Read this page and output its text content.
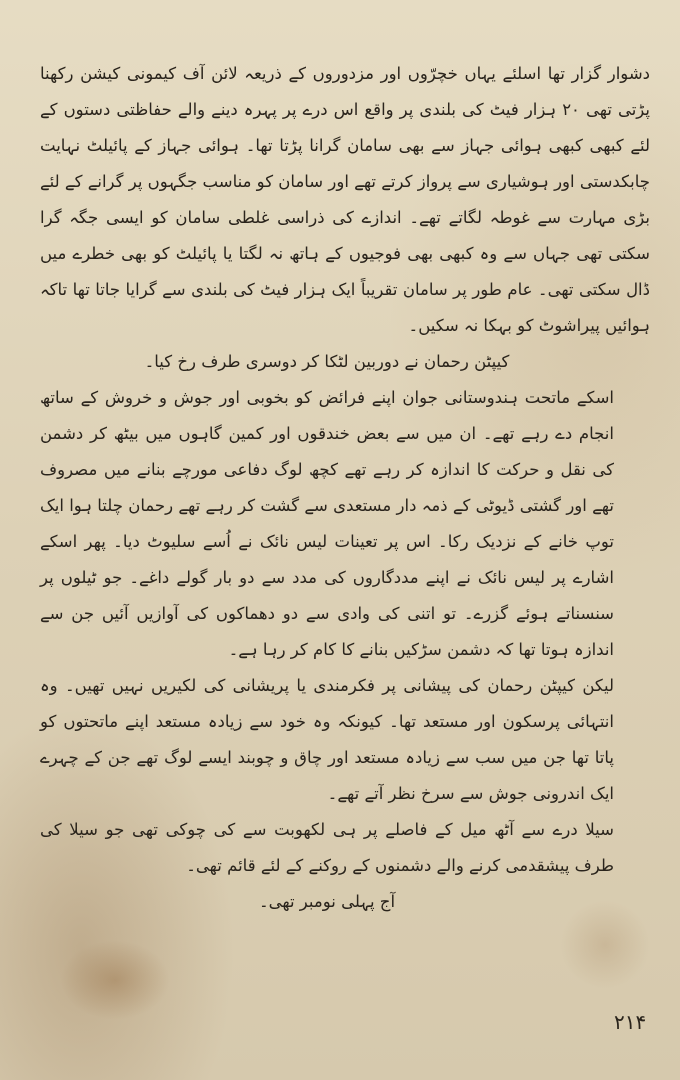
دشوار گزار تھا اسلئے یہاں خچرّوں اور مزدوروں کے ذریعہ لائن آف کیمونی کیشن رکھنا پڑتی تھی ۲۰ ہزار فیٹ کی بلندی پر واقع اس درے پر پہرہ دینے والے حفاظتی دستوں کے لئے کبھی کبھی ہوائی جہاز سے بھی سامان گرانا پڑتا تھا۔ ہوائی جہاز کے پائیلٹ نہایت چابکدستی اور ہوشیاری سے پرواز کرتے تھے اور سامان کو مناسب جگہوں پر گرانے کے لئے بڑی مہارت سے غوطہ لگاتے تھے۔ اندازے کی ذراسی غلطی سامان کو ایسی جگہ گرا سکتی تھی جہاں سے وہ کبھی بھی فوجیوں کے ہاتھ نہ لگتا یا پائیلٹ کو بھی خطرے میں ڈال سکتی تھی۔ عام طور پر سامان تقریباً ایک ہزار فیٹ کی بلندی سے گرایا جاتا تھا تاکہ ہوائیں پیراشوٹ کو بہکا نہ سکیں۔

کیپٹن رحمان نے دوربین لٹکا کر دوسری طرف رخ کیا۔

اسکے ماتحت ہندوستانی جوان اپنے فرائض کو بخوبی اور جوش و خروش کے ساتھ انجام دے رہے تھے۔ ان میں سے بعض خندقوں اور کمین گاہوں میں بیٹھ کر دشمن کی نقل و حرکت کا اندازہ کر رہے تھے کچھ لوگ دفاعی مورچے بنانے میں مصروف تھے اور گشتی ڈیوٹی کے ذمہ دار مستعدی سے گشت کر رہے تھے رحمان چلتا ہوا ایک توپ خانے کے نزدیک رکا۔ اس پر تعینات لیس نائک نے اُسے سلیوٹ دیا۔ پھر اسکے اشارے پر لیس نائک نے اپنے مددگاروں کی مدد سے دو بار گولے داغے۔ جو ٹیلوں پر سنسناتے ہوئے گزرے۔ تو اتنی کی وادی سے دو دھماکوں کی آوازیں آئیں جن سے اندازہ ہوتا تھا کہ دشمن سڑکیں بنانے کا کام کر رہا ہے۔

لیکن کیپٹن رحمان کی پیشانی پر فکرمندی یا پریشانی کی لکیریں نہیں تھیں۔ وہ انتہائی پرسکون اور مستعد تھا۔ کیونکہ وہ خود سے زیادہ مستعد اپنے ماتحتوں کو پاتا تھا جن میں سب سے زیادہ مستعد اور چاق و چوبند ایسے لوگ تھے جن کے چہرے ایک اندرونی جوش سے سرخ نظر آتے تھے۔

سیلا درے سے آٹھ میل کے فاصلے پر ہی لکھوبت سے کی چوکی تھی جو سیلا کی طرف پیشقدمی کرنے والے دشمنوں کے روکنے کے لئے قائم تھی۔

آج پہلی نومبر تھی۔

۲۱۴
